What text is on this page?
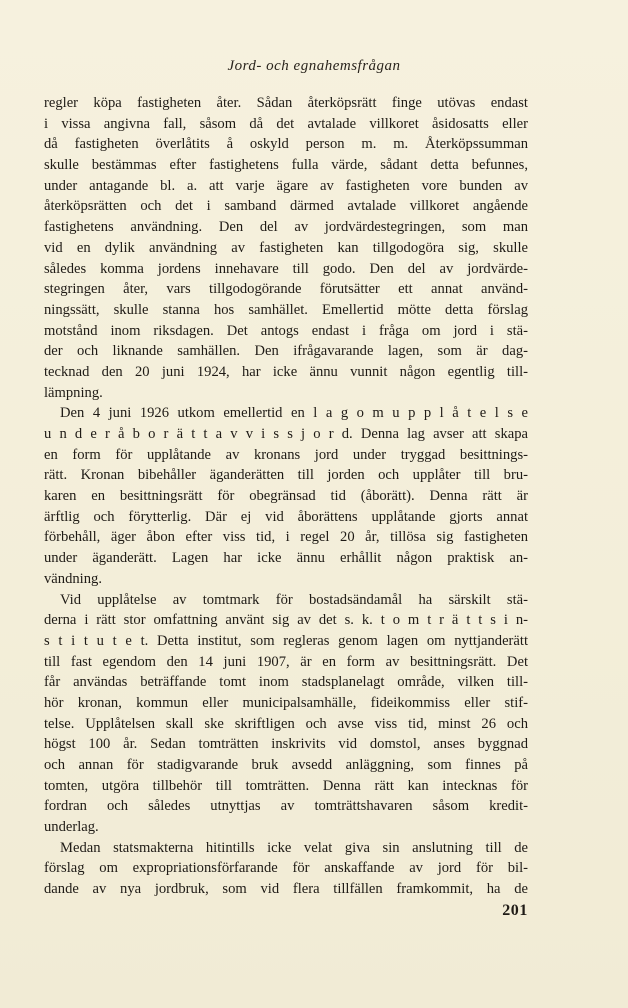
Jord- och egnahemsfrågan
regler köpa fastigheten åter. Sådan återköpsrätt finge utövas endast
i vissa angivna fall, såsom då det avtalade villkoret åsidosatts eller
då fastigheten överlåtits å oskyld person m. m. Återköpssumman
skulle bestämmas efter fastighetens fulla värde, sådant detta befunnes,
under antagande bl. a. att varje ägare av fastigheten vore bunden av
återköpsrätten och det i samband därmed avtalade villkoret angående
fastighetens användning. Den del av jordvärdestegringen, som man
vid en dylik användning av fastigheten kan tillgodogöra sig, skulle
således komma jordens innehavare till godo. Den del av jordvärde-
stegringen åter, vars tillgodogörande förutsätter ett annat använd-
ningssätt, skulle stanna hos samhället. Emellertid mötte detta förslag
motstånd inom riksdagen. Det antogs endast i fråga om jord i stä-
der och liknande samhällen. Den ifrågavarande lagen, som är dag-
tecknad den 20 juni 1924, har icke ännu vunnit någon egentlig till-
lämpning.
Den 4 juni 1926 utkom emellertid en l a g o m u p p l å t e l s e
u n d e r å b o r ä t t a v v i s s j o r d. Denna lag avser att skapa
en form för upplåtande av kronans jord under tryggad besittnings-
rätt. Kronan bibehåller äganderätten till jorden och upplåter till bru-
karen en besittningsrätt för obegränsad tid (åborätt). Denna rätt är
ärftlig och förytterlig. Där ej vid åborättens upplåtande gjorts annat
förbehåll, äger åbon efter viss tid, i regel 20 år, tillösa sig fastigheten
under äganderätt. Lagen har icke ännu erhållit någon praktisk an-
vändning.
Vid upplåtelse av tomtmark för bostadsändamål ha särskilt stä-
derna i rätt stor omfattning använt sig av det s. k. t o m t r ä t t s i n-
s t i t u t e t. Detta institut, som regleras genom lagen om nyttjanderätt
till fast egendom den 14 juni 1907, är en form av besittningsrätt. Det
får användas beträffande tomt inom stadsplanelagt område, vilken till-
hör kronan, kommun eller municipalsamhälle, fideikommiss eller stif-
telse. Upplåtelsen skall ske skriftligen och avse viss tid, minst 26 och
högst 100 år. Sedan tomträtten inskrivits vid domstol, anses byggnad
och annan för stadigvarande bruk avsedd anläggning, som finnes på
tomten, utgöra tillbehör till tomträtten. Denna rätt kan intecknas för
fordran och således utnyttjas av tomträttshavaren såsom kredit-
underlag.
Medan statsmakterna hitintills icke velat giva sin anslutning till de
förslag om expropriationsförfarande för anskaffande av jord för bil-
dande av nya jordbruk, som vid flera tillfällen framkommit, ha de
201
